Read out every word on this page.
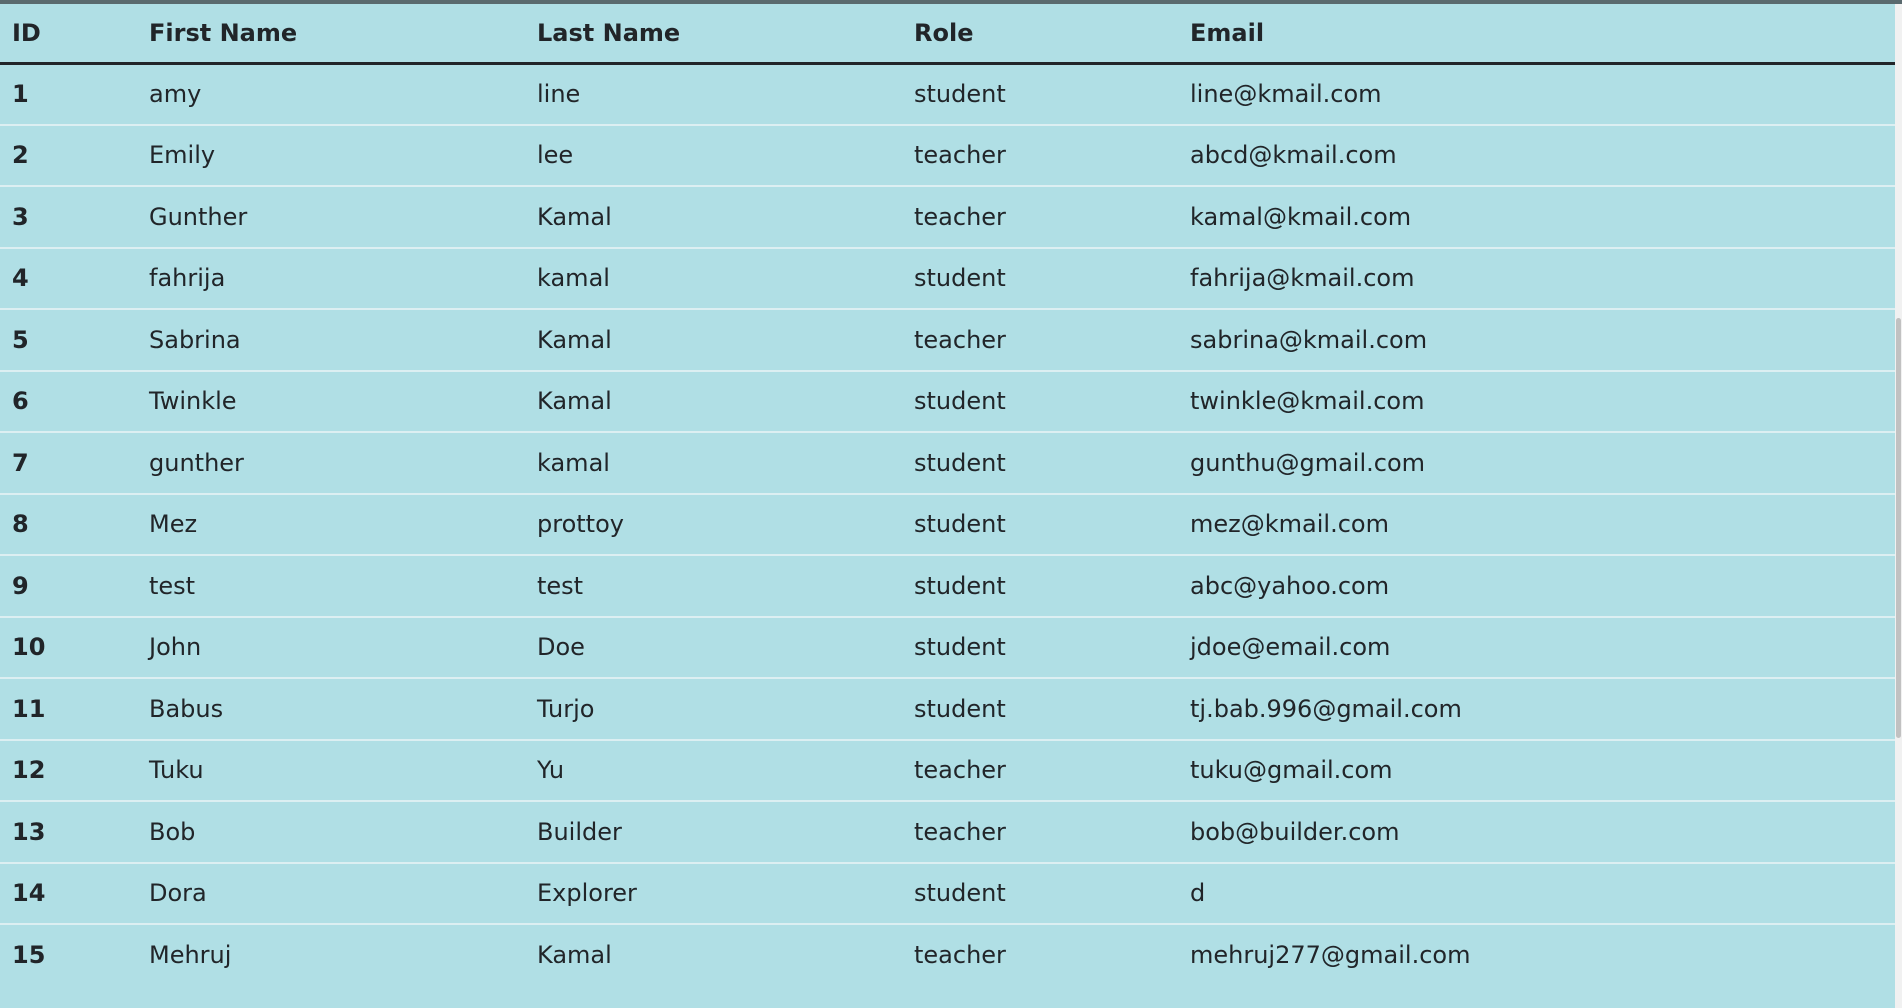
ID	First Name	Last Name	Role	Email
1	amy	line	student	line@kmail.com
2	Emily	lee	teacher	abcd@kmail.com
3	Gunther	Kamal	teacher	kamal@kmail.com
4	fahrija	kamal	student	fahrija@kmail.com
5	Sabrina	Kamal	teacher	sabrina@kmail.com
6	Twinkle	Kamal	student	twinkle@kmail.com
7	gunther	kamal	student	gunthu@gmail.com
8	Mez	prottoy	student	mez@kmail.com
9	test	test	student	abc@yahoo.com
10	John	Doe	student	jdoe@email.com
11	Babus	Turjo	student	tj.bab.996@gmail.com
12	Tuku	Yu	teacher	tuku@gmail.com
13	Bob	Builder	teacher	bob@builder.com
14	Dora	Explorer	student	d
15	Mehruj	Kamal	teacher	mehruj277@gmail.com
